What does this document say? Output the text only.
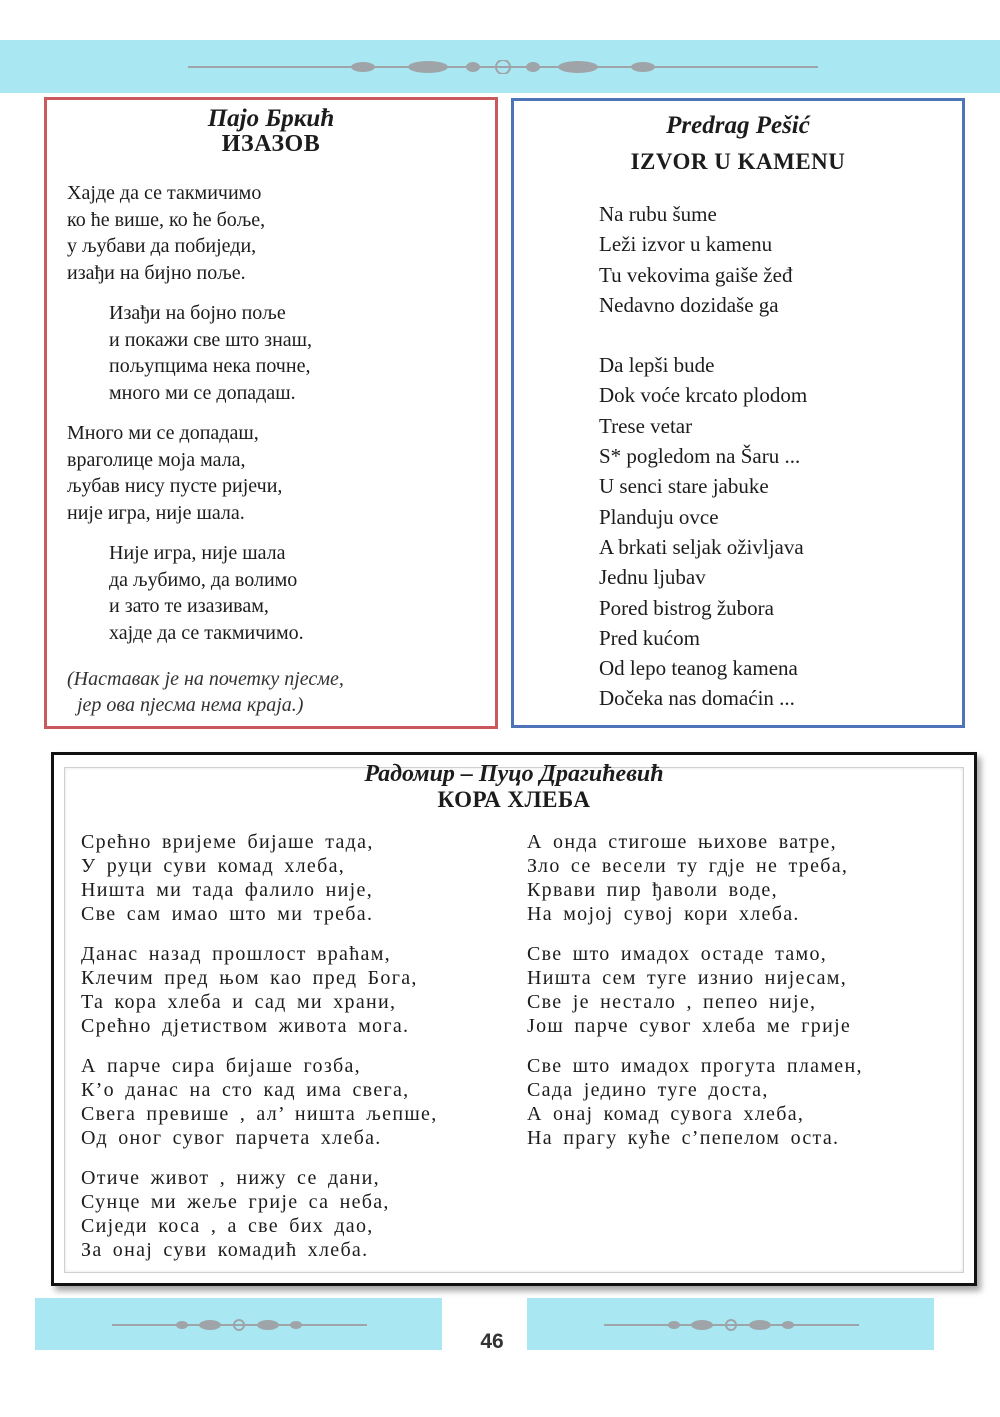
Пајо Бркић
ИЗАЗОВ
Хајде да се такмичимо
ко ће више, ко ће боље,
у љубави да побиједи,
изађи на бијно поље.
Изађи на бојно поље
и покажи све што знаш,
пољупцима нека почне,
много ми се допадаш.
Много ми се допадаш,
враголице моја мала,
љубав нису пусте ријечи,
није игра, није шала.
Није игра, није шала
да љубимо, да волимо
и зато те изазивам,
хајде да се такмичимо.
(Наставак је на почетку пјесме,
јер ова пјесма нема краја.)
Predrag Pešić
IZVOR U KAMENU
Na rubu šume
Leži izvor u kamenu
Tu vekovima gaiše žeđ
Nedavno dozidaše ga
Da lepši bude
Dok voće krcato plodom
Trese vetar
S* pogledom na Šaru ...
U senci stare jabuke
Planduju ovce
A brkati seljak oživljava
Jednu ljubav
Pored bistrog žubora
Pred kućom
Od lepo teanog kamena
Dočeka nas domaćin ...
Радомир – Пуцо Драгићевић
КОРА ХЛЕБА
Срећно вријеме бијаше тада,
У руци суви комад хлеба,
Ништа ми тада фалило није,
Све сам имао што ми треба.
Данас назад прошлост враћам,
Клечим пред њом као пред Бога,
Та кора хлеба и сад ми храни,
Срећно дјетиством живота мога.
А парче сира бијаше гозба,
К’о данас на сто кад има свега,
Свега превише , ал’ ништа љепше,
Од оног сувог парчета хлеба.
Отиче живот , нижу се дани,
Сунце ми жеље грије са неба,
Сиједи коса , а све бих дао,
За онај суви комадић хлеба.
А онда стигоше њихове ватре,
Зло се весели ту гдје не треба,
Крвави пир ђаволи воде,
На мојој сувој кори хлеба.
Све што имадох остаде тамо,
Ништа сем туге изнио нијесам,
Све је нестало , пепео није,
Још парче сувог хлеба ме грије
Све што имадох прогута пламен,
Сада једино туге доста,
А онај комад сувога хлеба,
На прагу куће с’пепелом оста.
46
